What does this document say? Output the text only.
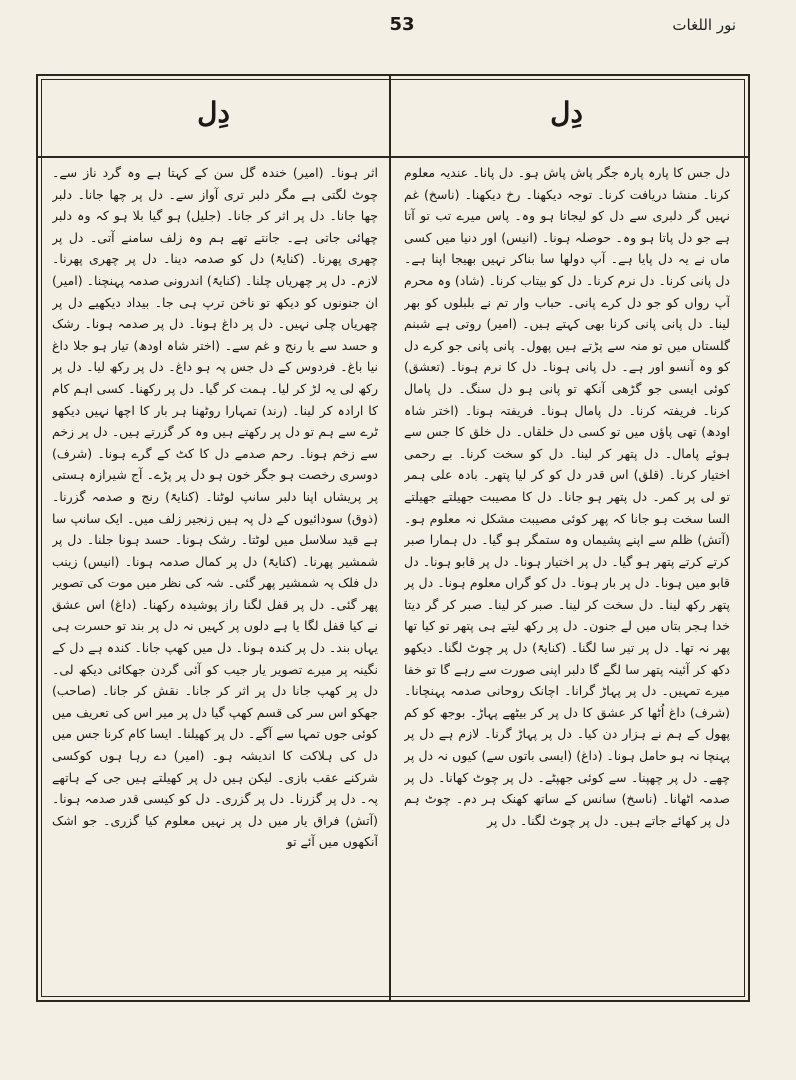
نور اللغات
53
دِل
دِل

دل جس کا پارہ پارہ جگر پاش پاش ہو۔ دل پانا۔ عندیہ معلوم کرنا۔ منشا دریافت کرنا۔ توجہ دیکھنا۔ رخ دیکھنا۔ (ناسخ) غم نہیں گر دلبری سے دل کو لیجاتا ہو وہ۔ پاس میرے تب تو آتا ہے جو دل پاتا ہو وہ۔ حوصلہ ہونا۔ (انیس) اور دنیا میں کسی ماں نے یہ دل پایا ہے۔ آپ دولھا سا بناکر نہیں بھیجا اپنا ہے۔ دل پانی کرنا۔ دل نرم کرنا۔ دل کو بیتاب کرنا۔ (شاد) وہ محرم آپ رواں کو جو دل کرے پانی۔ حباب وار تم نے بلبلوں کو بھر لینا۔ دل پانی پانی کرنا بھی کہتے ہیں۔ (امیر) روتی ہے شبنم گلستاں میں تو منہ سے پڑتے ہیں پھول۔ پانی پانی جو کرے دل کو وہ آنسو اور ہے۔ دل پانی ہونا۔ دل کا نرم ہونا۔ (تعشق) کوئی ایسی جو گڑھی آنکھ تو پانی ہو دل سنگ۔ دل پامال کرنا۔ فریفتہ کرنا۔ دل پامال ہونا۔ فریفتہ ہونا۔ (اختر شاہ اودھ) تھی پاؤں میں تو کسی دل خلقاں۔ دل خلق کا جس سے ہوئے پامال۔ دل پتھر کر لینا۔ دل کو سخت کرنا۔ بے رحمی اختیار کرنا۔ (قلق) اس قدر دل کو کر لیا پتھر۔ بادہ علی ہمر تو لی پر کمر۔ دل پتھر ہو جانا۔ دل کا مصیبت جھیلتے جھیلتے السا سخت ہو جانا کہ پھر کوئی مصیبت مشکل نہ معلوم ہو۔ (آتش) ظلم سے اپنے پشیماں وہ ستمگر ہو گیا۔ دل ہمارا صبر کرتے کرتے پتھر ہو گیا۔ دل پر اختیار ہونا۔ دل پر قابو ہونا۔ دل قابو میں ہونا۔ دل پر بار ہونا۔ دل کو گراں معلوم ہونا۔ دل پر پتھر رکھ لینا۔ دل سخت کر لینا۔ صبر کر لینا۔ صبر کر گر دیتا خدا ہجر بتاں میں لے جنون۔ دل پر رکھ لیتے ہی پتھر تو کیا تھا پھر نہ تھا۔ دل پر تیر سا لگنا۔ (کنایۃً) دل پر چوٹ لگنا۔ دیکھو دکھ کر آئینہ پتھر سا لگے گا دلبر اپنی صورت سے رہے گا تو خفا میرے تمہیں۔ دل پر پہاڑ گرانا۔ اچانک روحانی صدمہ پہنچانا۔ (شرف) داغ اُٹھا کر عشق کا دل پر کر بیٹھے پہاڑ۔ بوجھ کو کم پھول کے ہم نے ہزار دن کیا۔ دل پر پہاڑ گرنا۔ لازم ہے دل پر پہنچا نہ ہو حامل ہونا۔ (داغ) (ایسی باتوں سے) کیوں نہ دل پر چھے۔ دل پر چھپنا۔ سے کوئی جھپٹے۔ دل پر چوٹ کھانا۔ دل پر صدمہ اٹھانا۔ (ناسخ) سانس کے ساتھ کھنک ہر دم۔ چوٹ ہم دل پر کھائے جاتے ہیں۔ دل پر چوٹ لگنا۔ دل پر

اثر ہونا۔ (امیر) خندہ گل سن کے کہتا ہے وہ گرد ناز سے۔ چوٹ لگتی ہے مگر دلبر تری آواز سے۔ دل پر چھا جانا۔ دلبر چھا جانا۔ دل پر اثر کر جانا۔ (جلیل) ہو گیا بلا ہو کہ وہ دلبر چھائی جاتی ہے۔ جانتے تھے ہم وہ زلف سامنے آتی۔ دل پر چھری پھرنا۔ (کنایۃً) دل کو صدمہ دینا۔ دل پر چھری پھرنا۔ لازم۔ دل پر چھریاں چلنا۔ (کنایۃً) اندرونی صدمہ پہنچنا۔ (امیر) ان جنونوں کو دیکھ تو ناخن ترپ ہی جا۔ بیداد دیکھیے دل پر چھریاں چلی نہیں۔ دل پر داغ ہونا۔ دل پر صدمہ ہونا۔ رشک و حسد سے یا رنج و غم سے۔ (اختر شاہ اودھ) تیار ہو جلا داغ نیا باغ۔ فردوس کے دل جس پہ ہو داغ۔ دل پر رکھ لیا۔ دل پر رکھ لی یہ لڑ کر لیا۔ ہمت کر گیا۔ دل پر رکھنا۔ کسی اہم کام کا ارادہ کر لینا۔ (رند) تمہارا روٹھنا ہر بار کا اچھا نہیں دیکھو ٹرے سے ہم تو دل پر رکھتے ہیں وہ کر گزرتے ہیں۔ دل پر زخم سے زخم ہونا۔ رحم صدمے دل کا کٹ کے گرے ہونا۔ (شرف) دوسری رخصت ہو جگر خون ہو دل پر پڑے۔ آج شیرازہ ہستی پر پریشاں اپنا دلبر سانپ لوٹنا۔ (کنایۃً) رنج و صدمہ گزرنا۔ (ذوق) سودائیوں کے دل پہ ہیں زنجیر زلف میں۔ ایک سانپ سا ہے قید سلاسل میں لوٹتا۔ رشک ہونا۔ حسد ہونا جلنا۔ دل پر شمشیر پھرنا۔ (کنایۃً) دل پر کمال صدمہ ہونا۔ (انیس) زینب دل فلک پہ شمشیر پھر گئی۔ شہ کی نظر میں موت کی تصویر پھر گئی۔ دل پر قفل لگنا راز پوشیدہ رکھنا۔ (داغ) اس عشق نے کیا قفل لگا یا ہے دلوں پر کہیں نہ دل پر بند تو حسرت ہی یہاں بند۔ دل پر کندہ ہونا۔ دل میں کھپ جانا۔ کندہ ہے دل کے نگینہ پر میرے تصویر یار جیب کو آئی گردن جھکائی دیکھ لی۔ دل پر کھپ جانا دل پر اثر کر جانا۔ نقش کر جانا۔ (صاحب) جھکو اس سر کی قسم کھپ گیا دل پر میر اس کی تعریف میں کوئی جوں تمہا سے آگے۔ دل پر کھیلنا۔ ایسا کام کرنا جس میں دل کی ہلاکت کا اندیشہ ہو۔ (امیر) دے رہا ہوں کوکسی شرکنے عقب بازی۔ لیکن ہیں دل پر کھیلتے ہیں جی کے ہاتھے پہ۔ دل پر گزرنا۔ دل پر گزری۔ دل کو کیسی قدر صدمہ ہونا۔ (آتش) فراق یار میں دل پر نہیں معلوم کیا گزری۔ جو اشک آنکھوں میں آئے تو
